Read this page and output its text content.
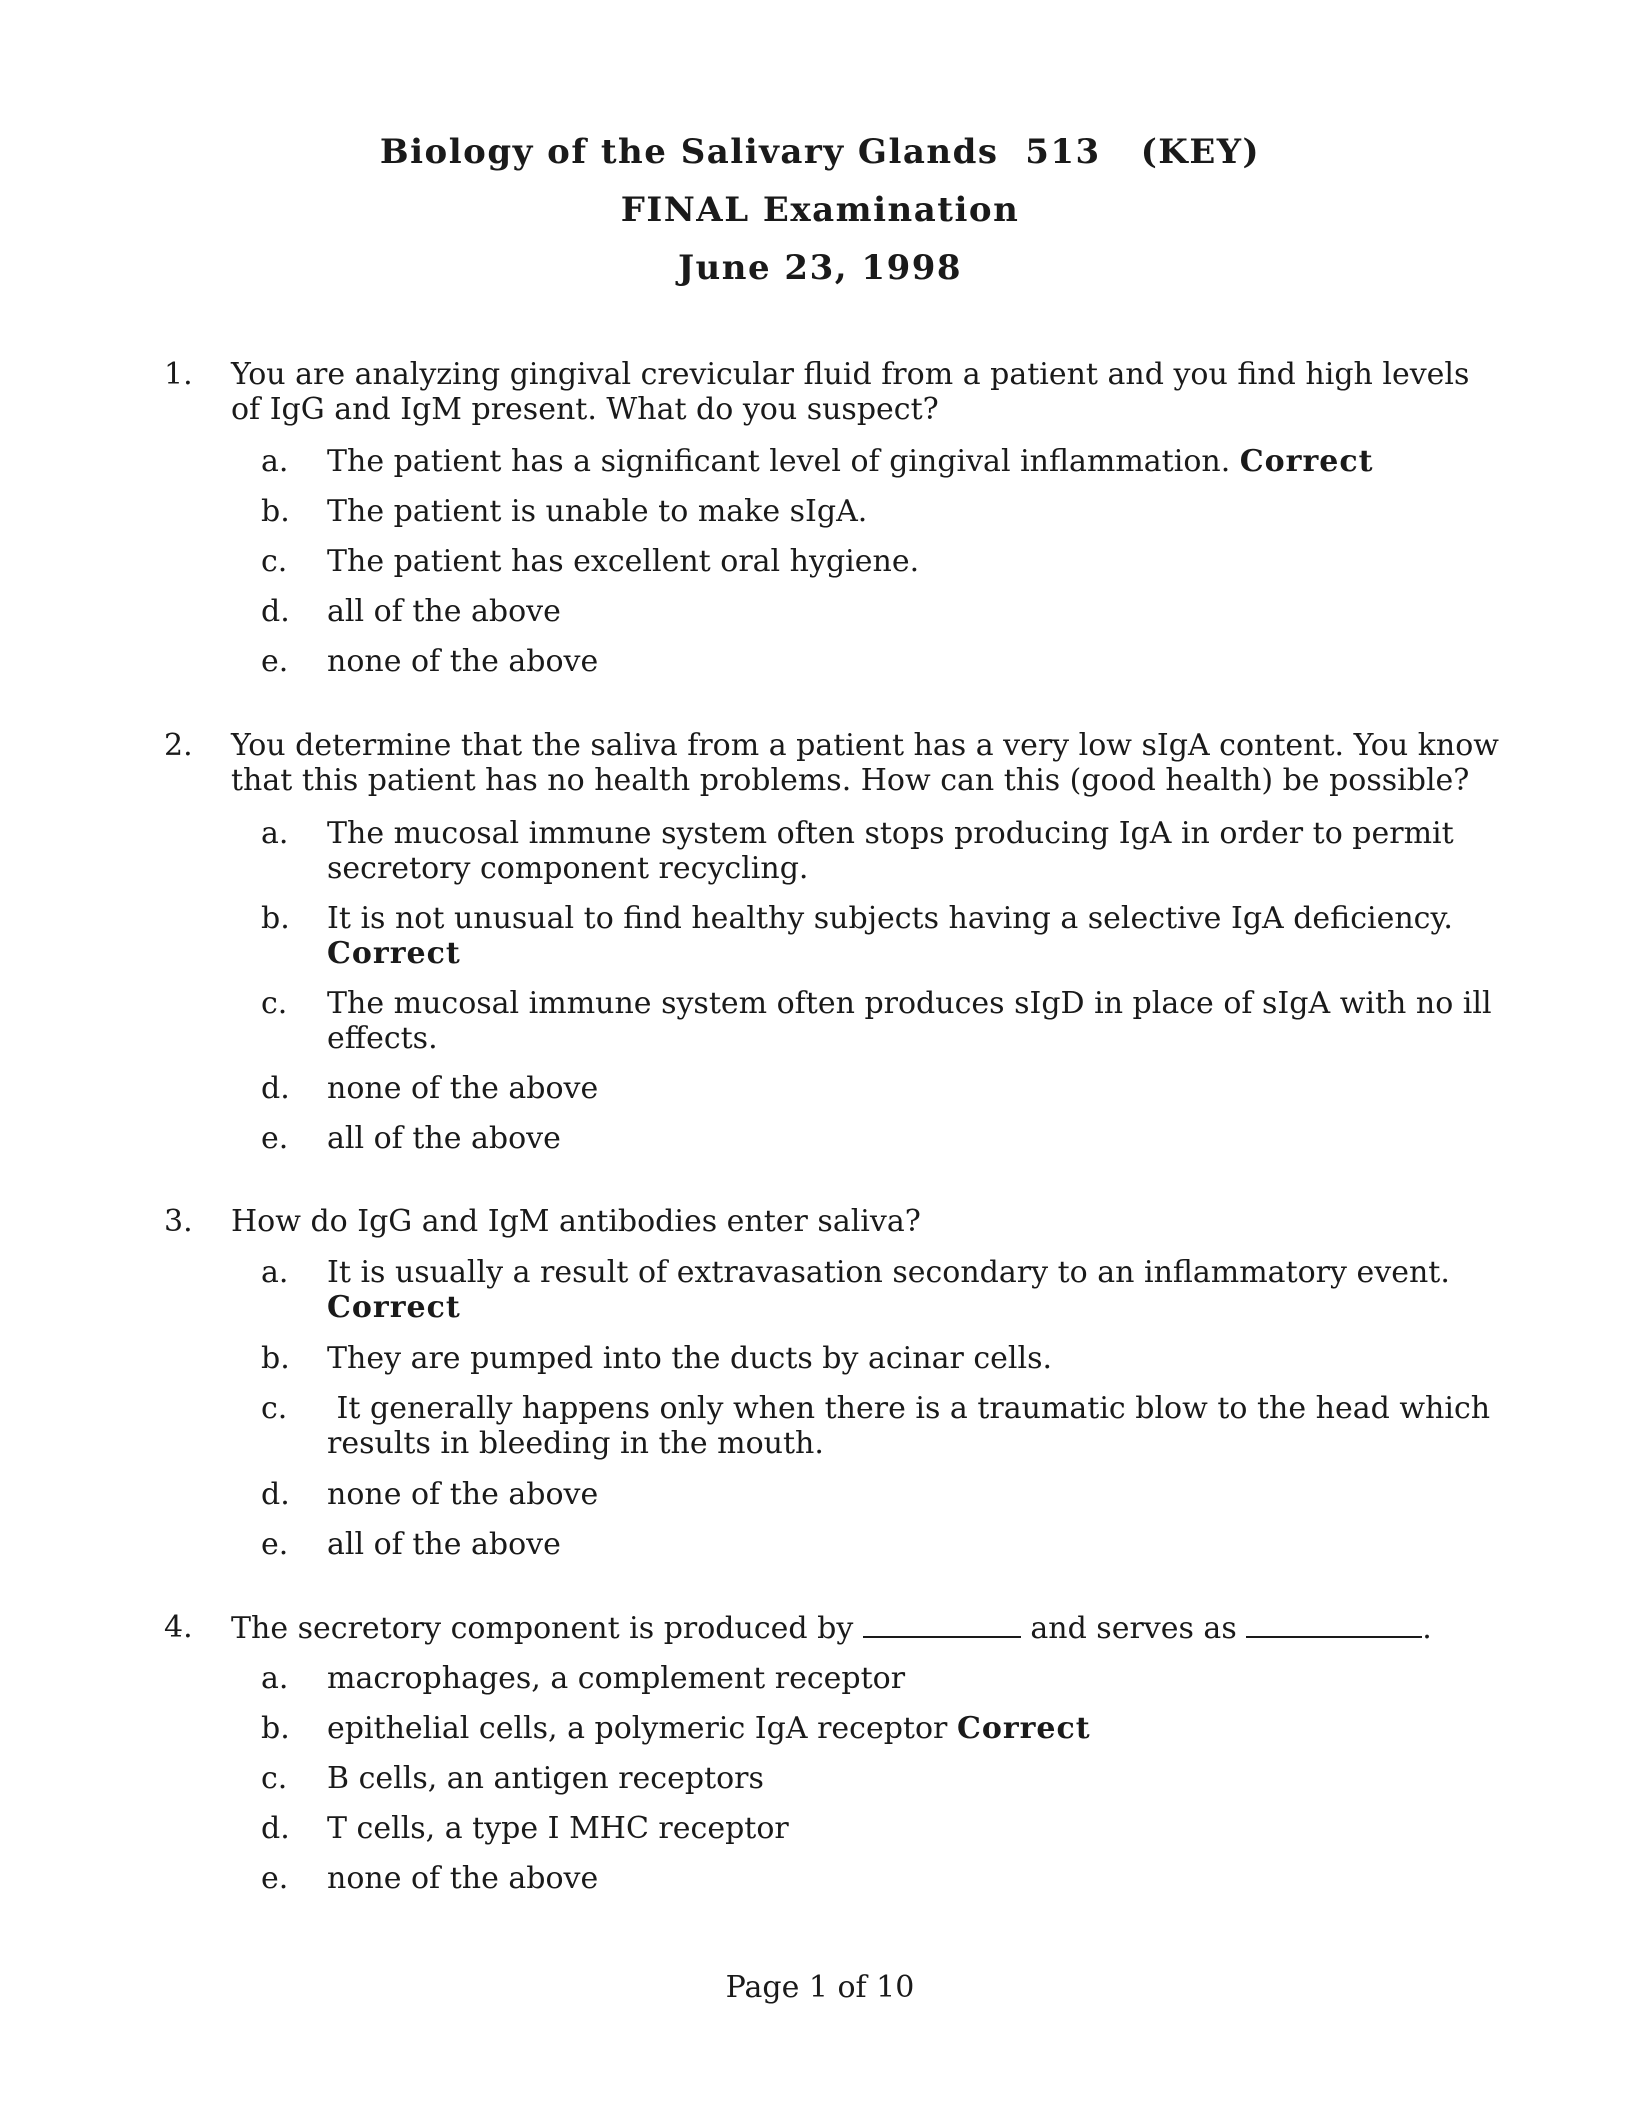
Biology of the Salivary Glands  513   (KEY)
FINAL Examination
June 23, 1998
1. You are analyzing gingival crevicular fluid from a patient and you find high levels of IgG and IgM present. What do you suspect?
a. The patient has a significant level of gingival inflammation. Correct
b. The patient is unable to make sIgA.
c. The patient has excellent oral hygiene.
d. all of the above
e. none of the above
2. You determine that the saliva from a patient has a very low sIgA content. You know that this patient has no health problems. How can this (good health) be possible?
a. The mucosal immune system often stops producing IgA in order to permit secretory component recycling.
b. It is not unusual to find healthy subjects having a selective IgA deficiency.
Correct
c. The mucosal immune system often produces sIgD in place of sIgA with no ill effects.
d. none of the above
e. all of the above
3. How do IgG and IgM antibodies enter saliva?
a. It is usually a result of extravasation secondary to an inflammatory event.
Correct
b. They are pumped into the ducts by acinar cells.
c. It generally happens only when there is a traumatic blow to the head which results in bleeding in the mouth.
d. none of the above
e. all of the above
4. The secretory component is produced by	and serves as	.
a. macrophages, a complement receptor
b. epithelial cells, a polymeric IgA receptor Correct
c. B cells, an antigen receptors
d. T cells, a type I MHC receptor
e. none of the above
Page 1 of 10
